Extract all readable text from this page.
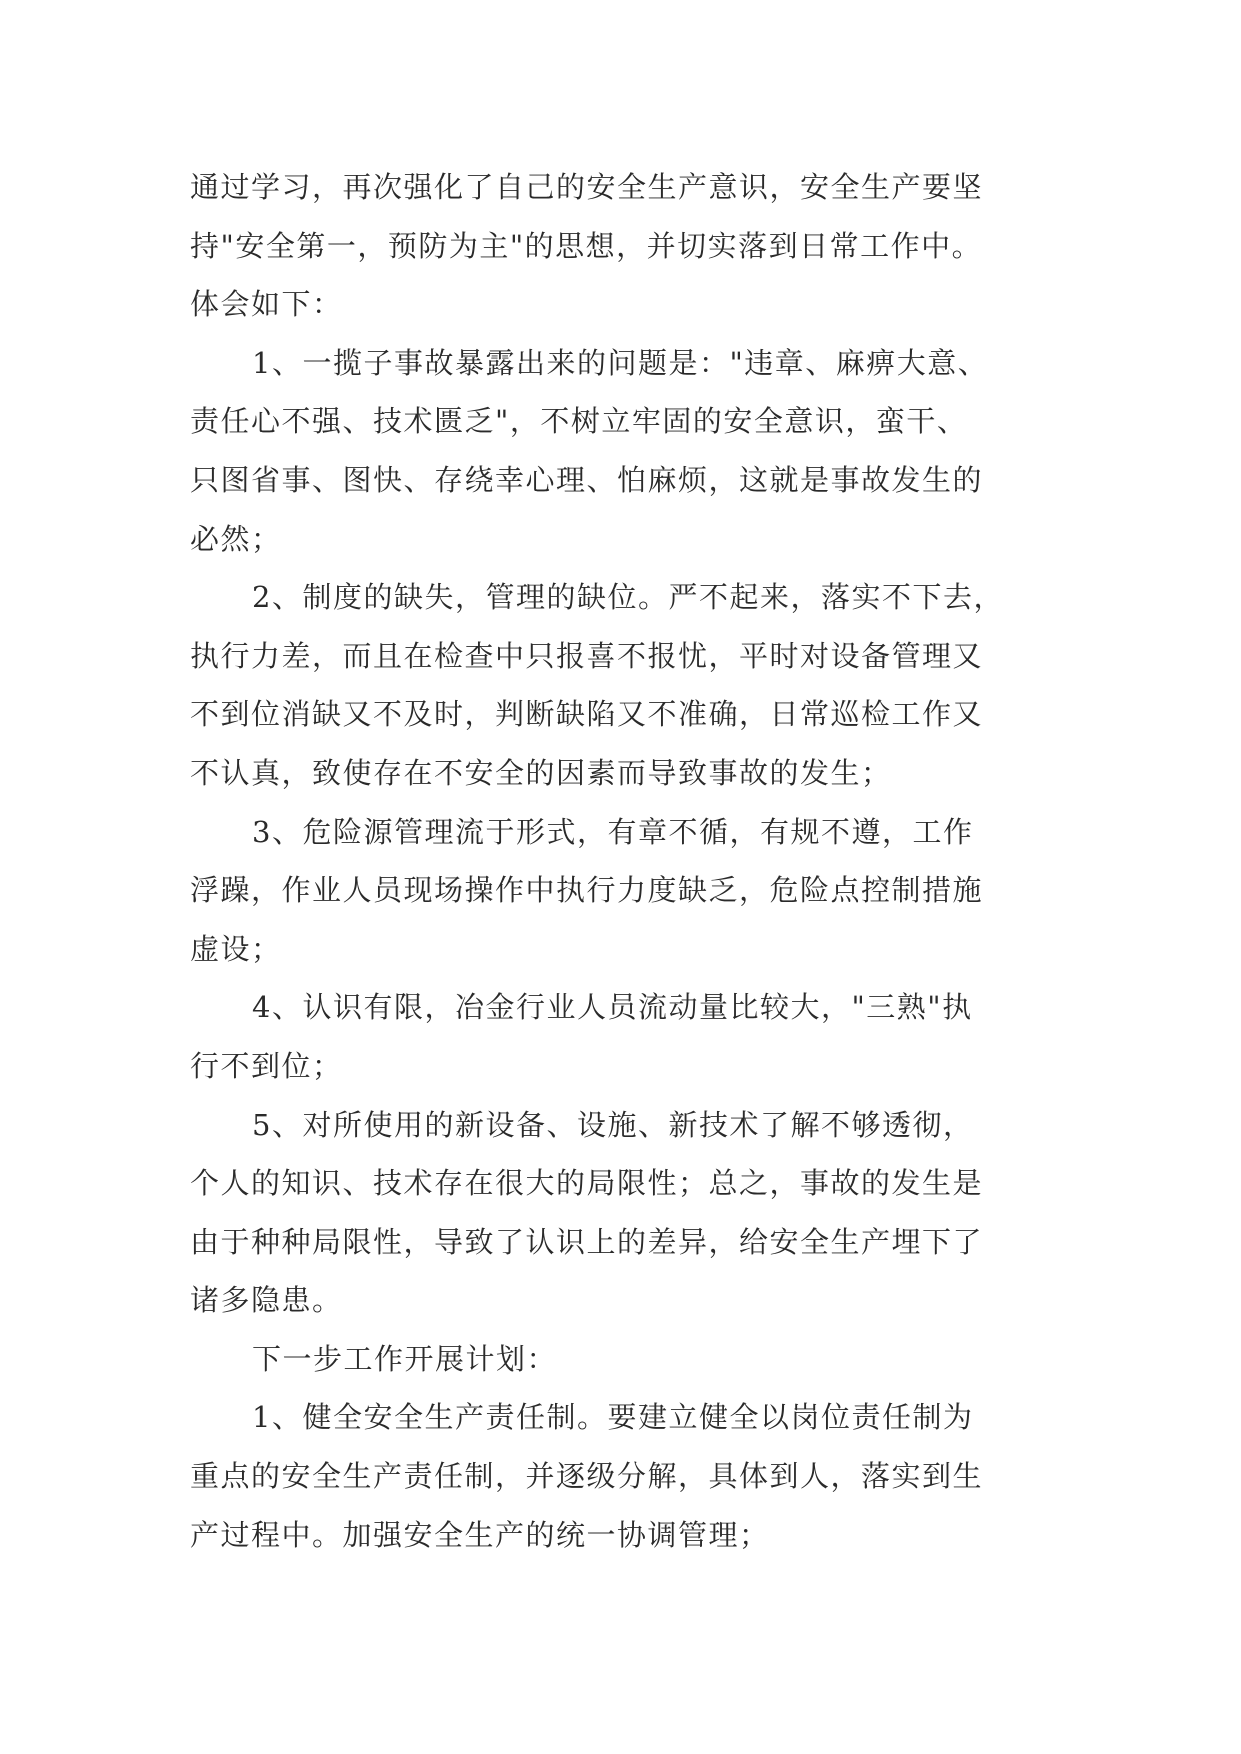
通过学习，再次强化了自己的安全生产意识，安全生产要坚
持"安全第一，预防为主"的思想，并切实落到日常工作中。
体会如下：
1、一揽子事故暴露出来的问题是："违章、麻痹大意、
责任心不强、技术匮乏"，不树立牢固的安全意识，蛮干、
只图省事、图快、存绕幸心理、怕麻烦，这就是事故发生的
必然；
2、制度的缺失，管理的缺位。严不起来，落实不下去，
执行力差，而且在检查中只报喜不报忧，平时对设备管理又
不到位消缺又不及时，判断缺陷又不准确，日常巡检工作又
不认真，致使存在不安全的因素而导致事故的发生；
3、危险源管理流于形式，有章不循，有规不遵，工作
浮躁，作业人员现场操作中执行力度缺乏，危险点控制措施
虚设；
4、认识有限，冶金行业人员流动量比较大，"三熟"执
行不到位；
5、对所使用的新设备、设施、新技术了解不够透彻，
个人的知识、技术存在很大的局限性；总之，事故的发生是
由于种种局限性，导致了认识上的差异，给安全生产埋下了
诸多隐患。
下一步工作开展计划：
1、健全安全生产责任制。要建立健全以岗位责任制为
重点的安全生产责任制，并逐级分解，具体到人，落实到生
产过程中。加强安全生产的统一协调管理；
